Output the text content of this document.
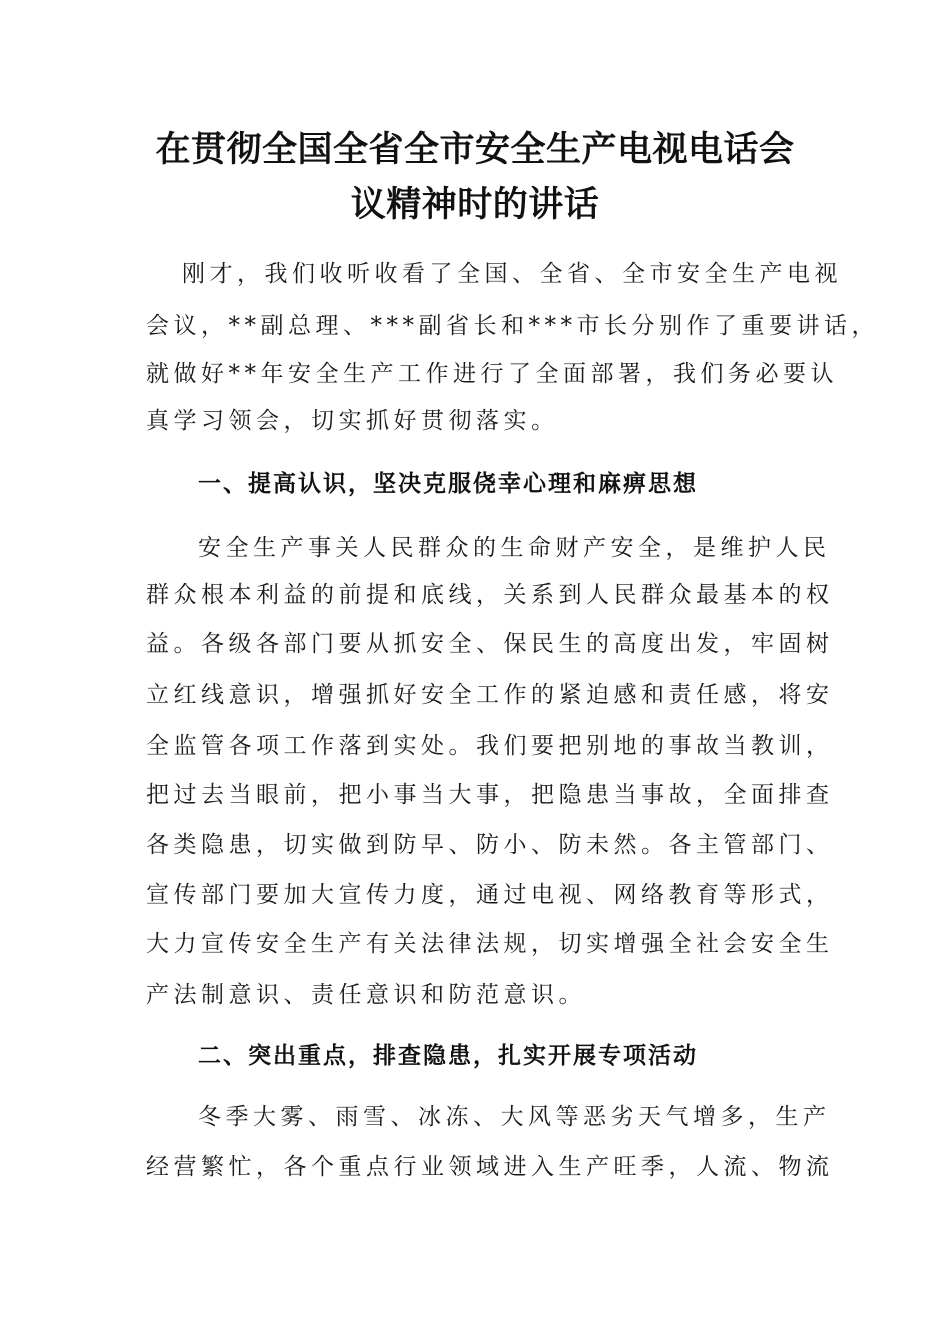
在贯彻全国全省全市安全生产电视电话会
议精神时的讲话
刚才，我们收听收看了全国、全省、全市安全生产电视
会议，**副总理、***副省长和***市长分别作了重要讲话，
就做好**年安全生产工作进行了全面部署，我们务必要认
真学习领会，切实抓好贯彻落实。
一、提高认识，坚决克服侥幸心理和麻痹思想
安全生产事关人民群众的生命财产安全，是维护人民
群众根本利益的前提和底线，关系到人民群众最基本的权
益。各级各部门要从抓安全、保民生的高度出发，牢固树
立红线意识，增强抓好安全工作的紧迫感和责任感，将安
全监管各项工作落到实处。我们要把别地的事故当教训，
把过去当眼前，把小事当大事，把隐患当事故，全面排查
各类隐患，切实做到防早、防小、防未然。各主管部门、
宣传部门要加大宣传力度，通过电视、网络教育等形式，
大力宣传安全生产有关法律法规，切实增强全社会安全生
产法制意识、责任意识和防范意识。
二、突出重点，排查隐患，扎实开展专项活动
冬季大雾、雨雪、冰冻、大风等恶劣天气增多，生产
经营繁忙，各个重点行业领域进入生产旺季，人流、物流
